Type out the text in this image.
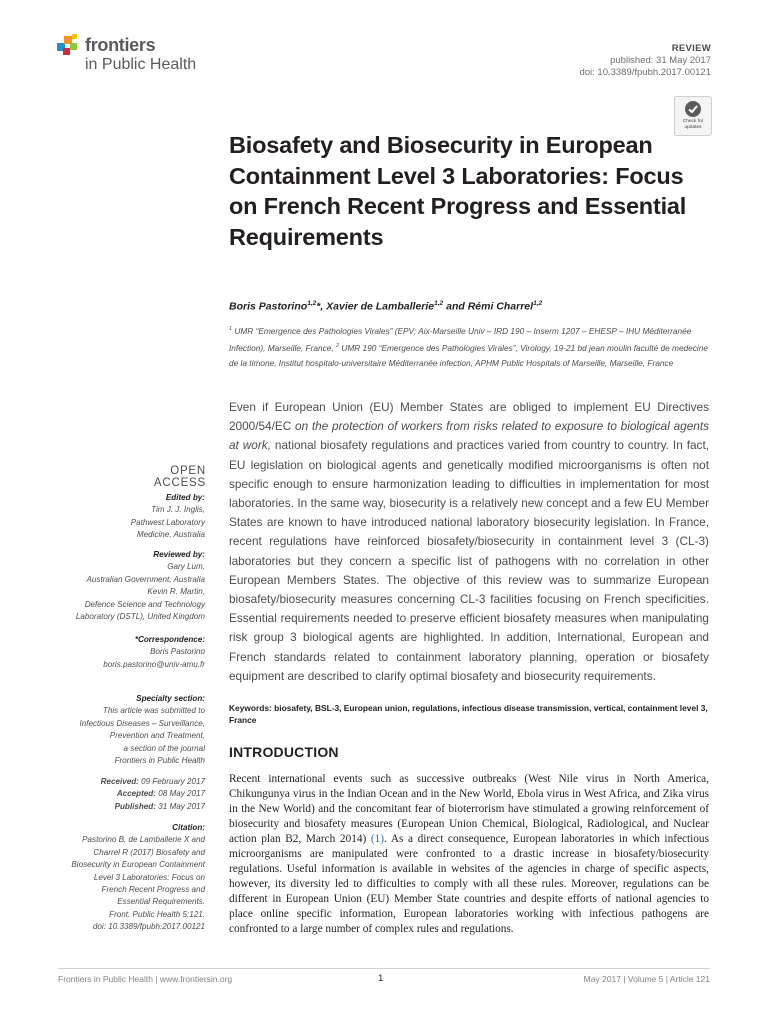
frontiers
in Public Health
REVIEW
published: 31 May 2017
doi: 10.3389/fpubh.2017.00121
Check for
updates
Biosafety and Biosecurity in European Containment Level 3 Laboratories: Focus on French Recent Progress and Essential Requirements
Boris Pastorino$^{1,2}$*, Xavier de Lamballerie$^{1,2}$ and Rémi Charrel$^{1,2}$
$^1$ UMR “Emergence des Pathologies Virales” (EPV: Aix-Marseille Univ – IRD 190 – Inserm 1207 – EHESP – IHU Méditerranée Infection), Marseille, France, $^2$ UMR 190 “Emergence des Pathologies Virales”, Virology, 19-21 bd jean moulin faculté de medecine de la timone, Institut hospitalo-universitaire Méditerranée infection, APHM Public Hospitals of Marseille, Marseille, France
OPEN ACCESS
Edited by:
Tim J. J. Inglis,
Pathwest Laboratory
Medicine, Australia
Reviewed by:
Gary Lum,
Australian Government, Australia
Kevin R. Martin,
Defence Science and Technology
Laboratory (DSTL), United Kingdom
*Correspondence:
Boris Pastorino
boris.pastorino@univ-amu.fr
Specialty section:
This article was submitted to
Infectious Diseases – Surveillance,
Prevention and Treatment,
a section of the journal
Frontiers in Public Health
Received: 09 February 2017
Accepted: 08 May 2017
Published: 31 May 2017
Citation:
Pastorino B, de Lamballerie X and
Charrel R (2017) Biosafety and
Biosecurity in European Containment
Level 3 Laboratories: Focus on
French Recent Progress and
Essential Requirements.
Front. Public Health 5:121.
doi: 10.3389/fpubh.2017.00121
Even if European Union (EU) Member States are obliged to implement EU Directives 2000/54/EC on the protection of workers from risks related to exposure to biological agents at work, national biosafety regulations and practices varied from country to country. In fact, EU legislation on biological agents and genetically modified microorganisms is often not specific enough to ensure harmonization leading to difficulties in implementation for most laboratories. In the same way, biosecurity is a relatively new concept and a few EU Member States are known to have introduced national laboratory biosecurity legislation. In France, recent regulations have reinforced biosafety/biosecurity in containment level 3 (CL-3) laboratories but they concern a specific list of pathogens with no correlation in other European Members States. The objective of this review was to summarize European biosafety/biosecurity measures concerning CL-3 facilities focusing on French specificities. Essential requirements needed to preserve efficient biosafety measures when manipulating risk group 3 biological agents are highlighted. In addition, International, European and French standards related to containment laboratory planning, operation or biosafety equipment are described to clarify optimal biosafety and biosecurity requirements.
Keywords: biosafety, BSL-3, European union, regulations, infectious disease transmission, vertical, containment level 3, France
INTRODUCTION
Recent international events such as successive outbreaks (West Nile virus in North America, Chikungunya virus in the Indian Ocean and in the New World, Ebola virus in West Africa, and Zika virus in the New World) and the concomitant fear of bioterrorism have stimulated a growing reinforcement of biosecurity and biosafety measures (European Union Chemical, Biological, Radiological, and Nuclear action plan B2, March 2014) (1). As a direct consequence, European laboratories in which infectious microorganisms are manipulated were confronted to a drastic increase in biosafety/biosecurity regulations. Useful information is available in websites of the agencies in charge of specific aspects, however, its diversity led to difficulties to comply with all these rules. Moreover, regulations can be different in European Union (EU) Member State countries and despite efforts of national agencies to place online specific information, European laboratories working with infectious pathogens are confronted to a large number of complex rules and regulations.
Frontiers in Public Health | www.frontiersin.org	1	May 2017 | Volume 5 | Article 121
